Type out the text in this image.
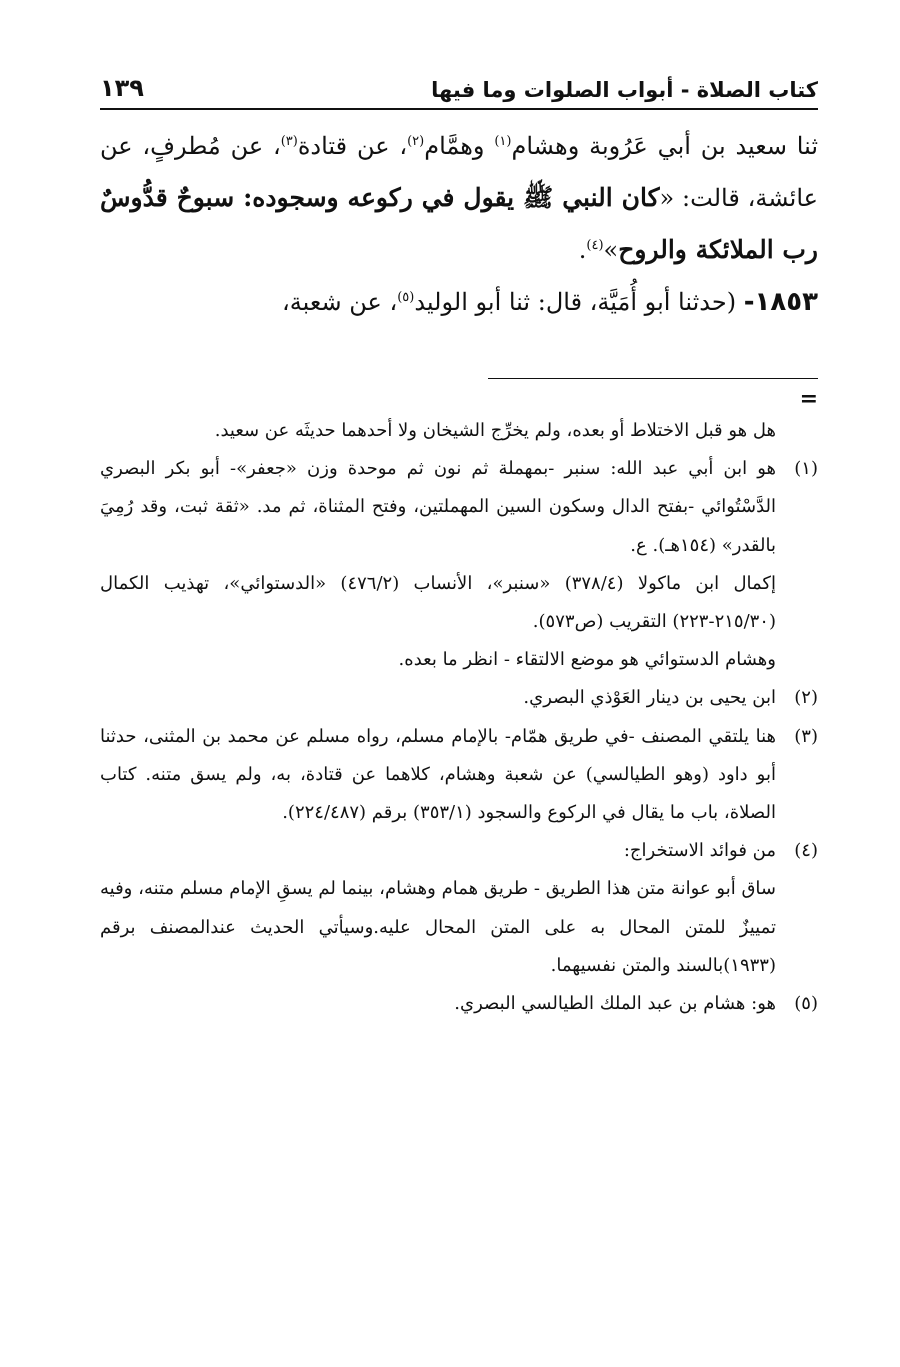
كتاب الصلاة - أبواب الصلوات وما فيها
١٣٩

ثنا سعيد بن أبي عَرُوبة وهشام$^{(١)}$ وهمَّام$^{(٢)}$، عن قتادة$^{(٣)}$، عن مُطرفٍ، عن عائشة، قالت: «كان النبي ﷺ يقول في ركوعه وسجوده: سبوحٌ قدُّوسٌ رب الملائكة والروح»$^{(٤)}$.

١٨٥٣- (حدثنا أبو أُمَيَّة، قال: ثنا أبو الوليد$^{(٥)}$، عن شعبة،

=

هل هو قبل الاختلاط أو بعده، ولم يخرِّج الشيخان ولا أحدهما حديثَه عن سعيد.

(١)هو ابن أبي عبد الله: سنبر -بمهملة ثم نون ثم موحدة وزن «جعفر»- أبو بكر البصري الدَّسْتُوائي -بفتح الدال وسكون السين المهملتين، وفتح المثناة، ثم مد. «ثقة ثبت، وقد رُمِيَ بالقدر» (١٥٤هـ). ع.

إكمال ابن ماكولا (٣٧٨/٤) «سنبر»، الأنساب (٤٧٦/٢) «الدستوائي»، تهذيب الكمال (٢١٥/٣٠-٢٢٣) التقريب (ص٥٧٣).

وهشام الدستوائي هو موضع الالتقاء - انظر ما بعده.

(٢)ابن يحيى بن دينار العَوْذي البصري.

(٣)هنا يلتقي المصنف -في طريق همّام- بالإمام مسلم، رواه مسلم عن محمد بن المثنى، حدثنا أبو داود (وهو الطيالسي) عن شعبة وهشام، كلاهما عن قتادة، به، ولم يسق متنه. كتاب الصلاة، باب ما يقال في الركوع والسجود (٣٥٣/١) برقم (٢٢٤/٤٨٧).

(٤)من فوائد الاستخراج:

ساق أبو عوانة متن هذا الطريق - طريق همام وهشام، بينما لم يسقِ الإمام مسلم متنه، وفيه تمييزٌ للمتن المحال به على المتن المحال عليه.وسيأتي الحديث عندالمصنف برقم (١٩٣٣)بالسند والمتن نفسيهما.

(٥)هو: هشام بن عبد الملك الطيالسي البصري.
